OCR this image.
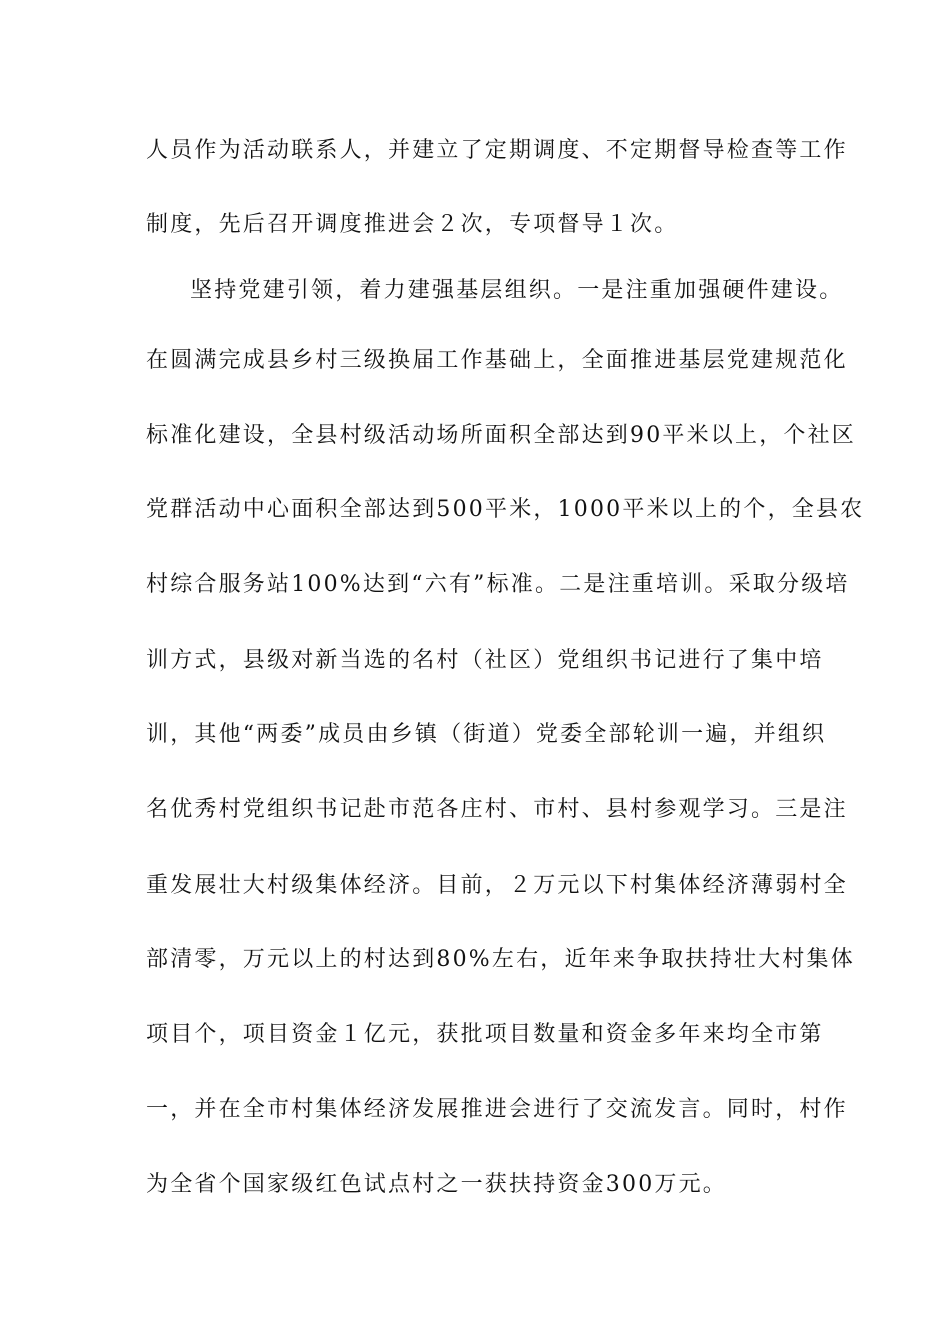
人员作为活动联系人，并建立了定期调度、不定期督导检查等工作
制度，先后召开调度推进会２次，专项督导１次。
坚持党建引领，着力建强基层组织。一是注重加强硬件建设。
在圆满完成县乡村三级换届工作基础上，全面推进基层党建规范化
标准化建设，全县村级活动场所面积全部达到90平米以上，个社区
党群活动中心面积全部达到500平米，1000平米以上的个，全县农
村综合服务站100%达到“六有”标准。二是注重培训。采取分级培
训方式，县级对新当选的名村（社区）党组织书记进行了集中培
训，其他“两委”成员由乡镇（街道）党委全部轮训一遍，并组织
名优秀村党组织书记赴市范各庄村、市村、县村参观学习。三是注
重发展壮大村级集体经济。目前，２万元以下村集体经济薄弱村全
部清零，万元以上的村达到80%左右，近年来争取扶持壮大村集体
项目个，项目资金１亿元，获批项目数量和资金多年来均全市第
一，并在全市村集体经济发展推进会进行了交流发言。同时，村作
为全省个国家级红色试点村之一获扶持资金300万元。
